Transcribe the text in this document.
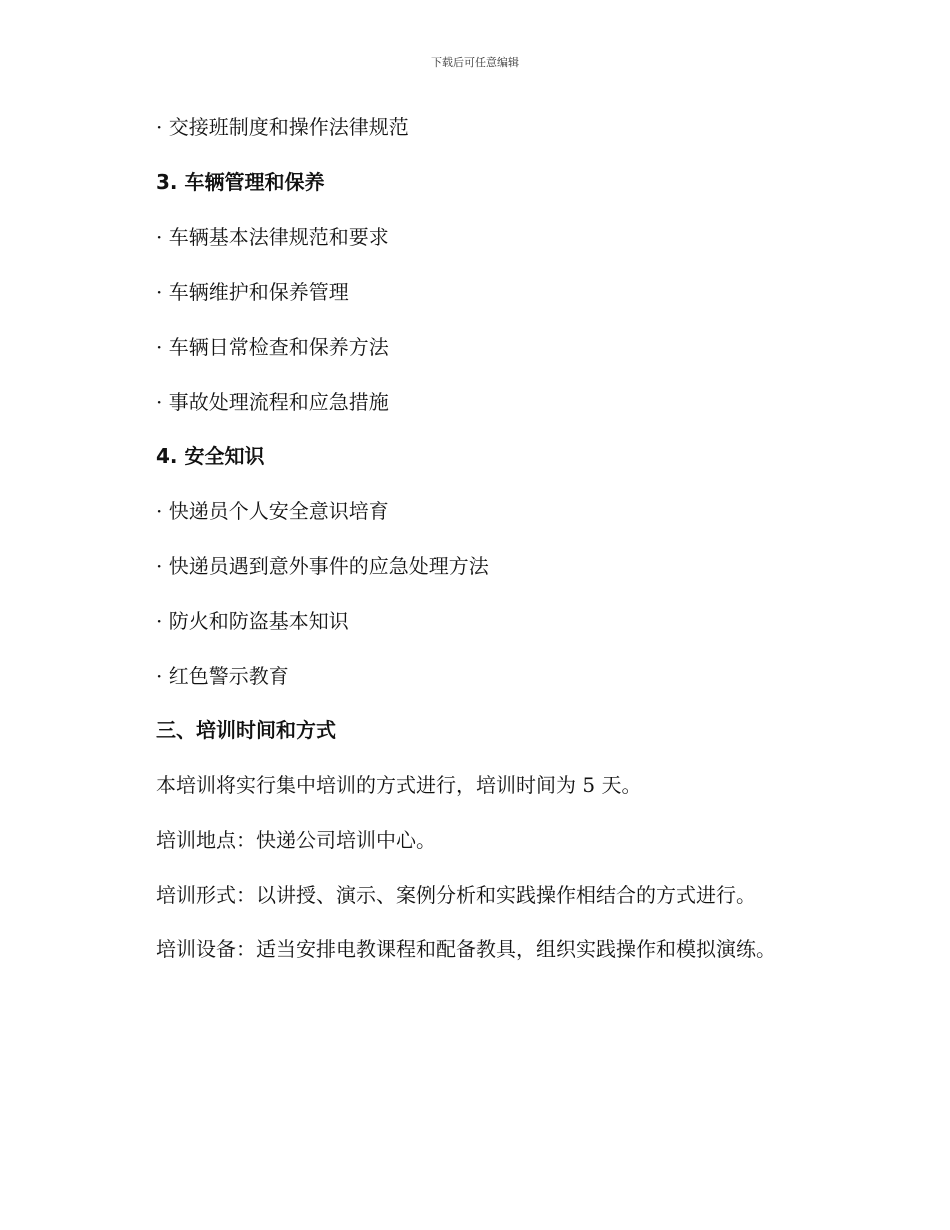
下载后可任意编辑
· 交接班制度和操作法律规范
3. 车辆管理和保养
· 车辆基本法律规范和要求
· 车辆维护和保养管理
· 车辆日常检查和保养方法
· 事故处理流程和应急措施
4. 安全知识
· 快递员个人安全意识培育
· 快递员遇到意外事件的应急处理方法
· 防火和防盗基本知识
· 红色警示教育
三、培训时间和方式
本培训将实行集中培训的方式进行，培训时间为 5 天。
培训地点：快递公司培训中心。
培训形式：以讲授、演示、案例分析和实践操作相结合的方式进行。
培训设备：适当安排电教课程和配备教具，组织实践操作和模拟演练。
